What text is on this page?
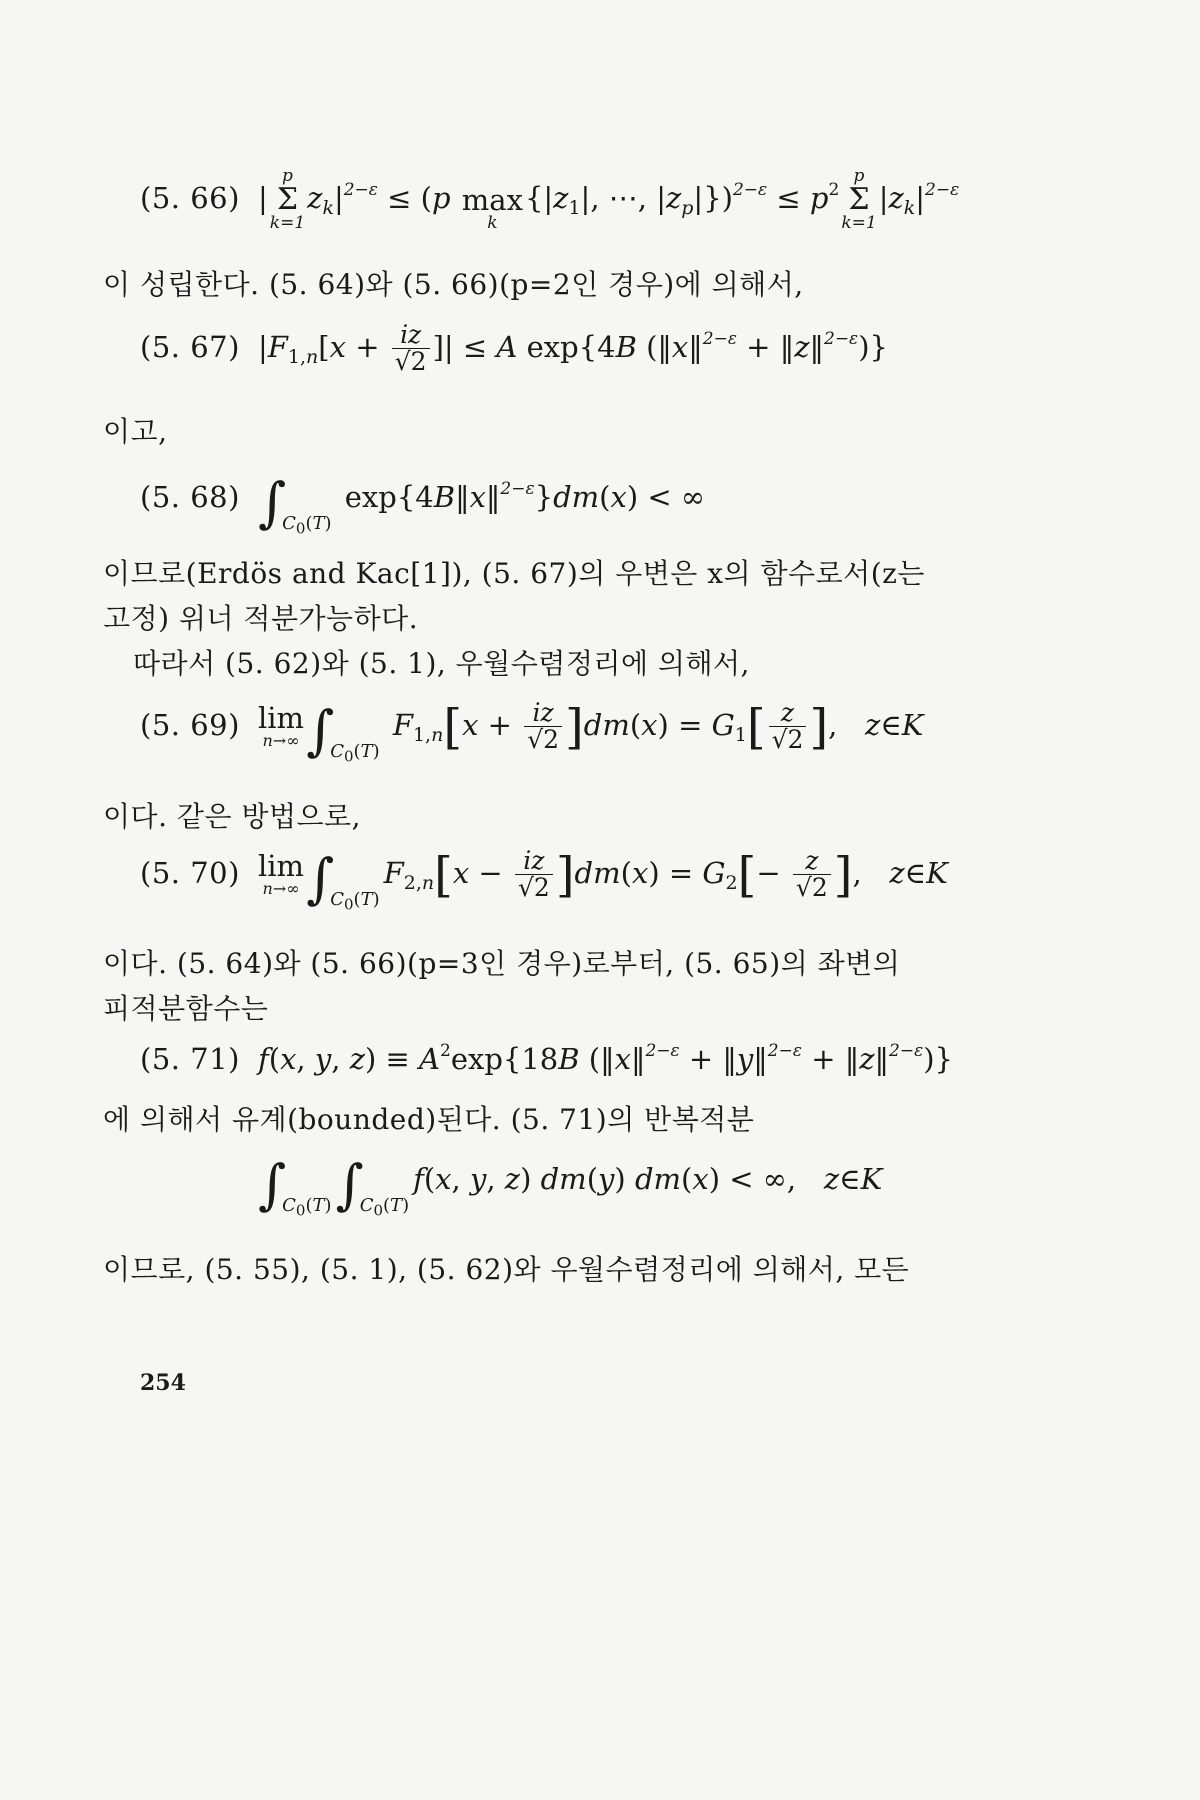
(5. 66) |
p
Σ
k=1
$z_k|^{2-\varepsilon} \le (p$
max
k
{$|z_1|$, ⋯, $|z_p|\})^{2-\varepsilon} \le p^2$
p
Σ
k=1
$|z_k|^{2-\varepsilon}$
이 성립한다. (5. 64)와 (5. 66)(p=2인 경우)에 의해서,
(5. 67) $|F_{1,n}[x + \frac{iz}{√2}$ ]| ≤ A exp{4B (‖x‖$^{2-\varepsilon}$ + ‖z‖$^{2-\varepsilon}$)}
이고,
(5. 68) $\int_{C_0(T)}$ exp{4B‖x‖$^{2-\varepsilon}$}dm(x) < ∞
이므로(Erdös and Kac[1]), (5. 67)의 우변은 x의 함수로서(z는
고정) 위너 적분가능하다.
따라서 (5. 62)와 (5. 1), 우월수렴정리에 의해서,
(5. 69) lim
n→∞ $\int_{C_0(T)}$ $F_{1,n}[x + \frac{iz}{√2} ]dm(x) = G_1[ \frac{z}{√2}$ ],   z∈K
이다. 같은 방법으로,
(5. 70) lim
n→∞ $\int_{C_0(T)}F_{2,n}[x - \frac{iz}{√2} ]dm(x) = G_2[- \frac{z}{√2}$ ],   z∈K
이다. (5. 64)와 (5. 66)(p=3인 경우)로부터, (5. 65)의 좌변의
피적분함수는
(5. 71) f(x, y, $z) \equiv A^2\exp\{18B$ (‖x‖$^{2-\varepsilon}$ + ‖y‖$^{2-\varepsilon}$ + ‖z‖$^{2-\varepsilon}$)}
에 의해서 유계(bounded)된다. (5. 71)의 반복적분
$\int_{C_0(T)}\int_{C_0(T)}f(x$, y, z) dm(y) dm(x) < ∞,   z∈K
이므로, (5. 55), (5. 1), (5. 62)와 우월수렴정리에 의해서, 모든
254
